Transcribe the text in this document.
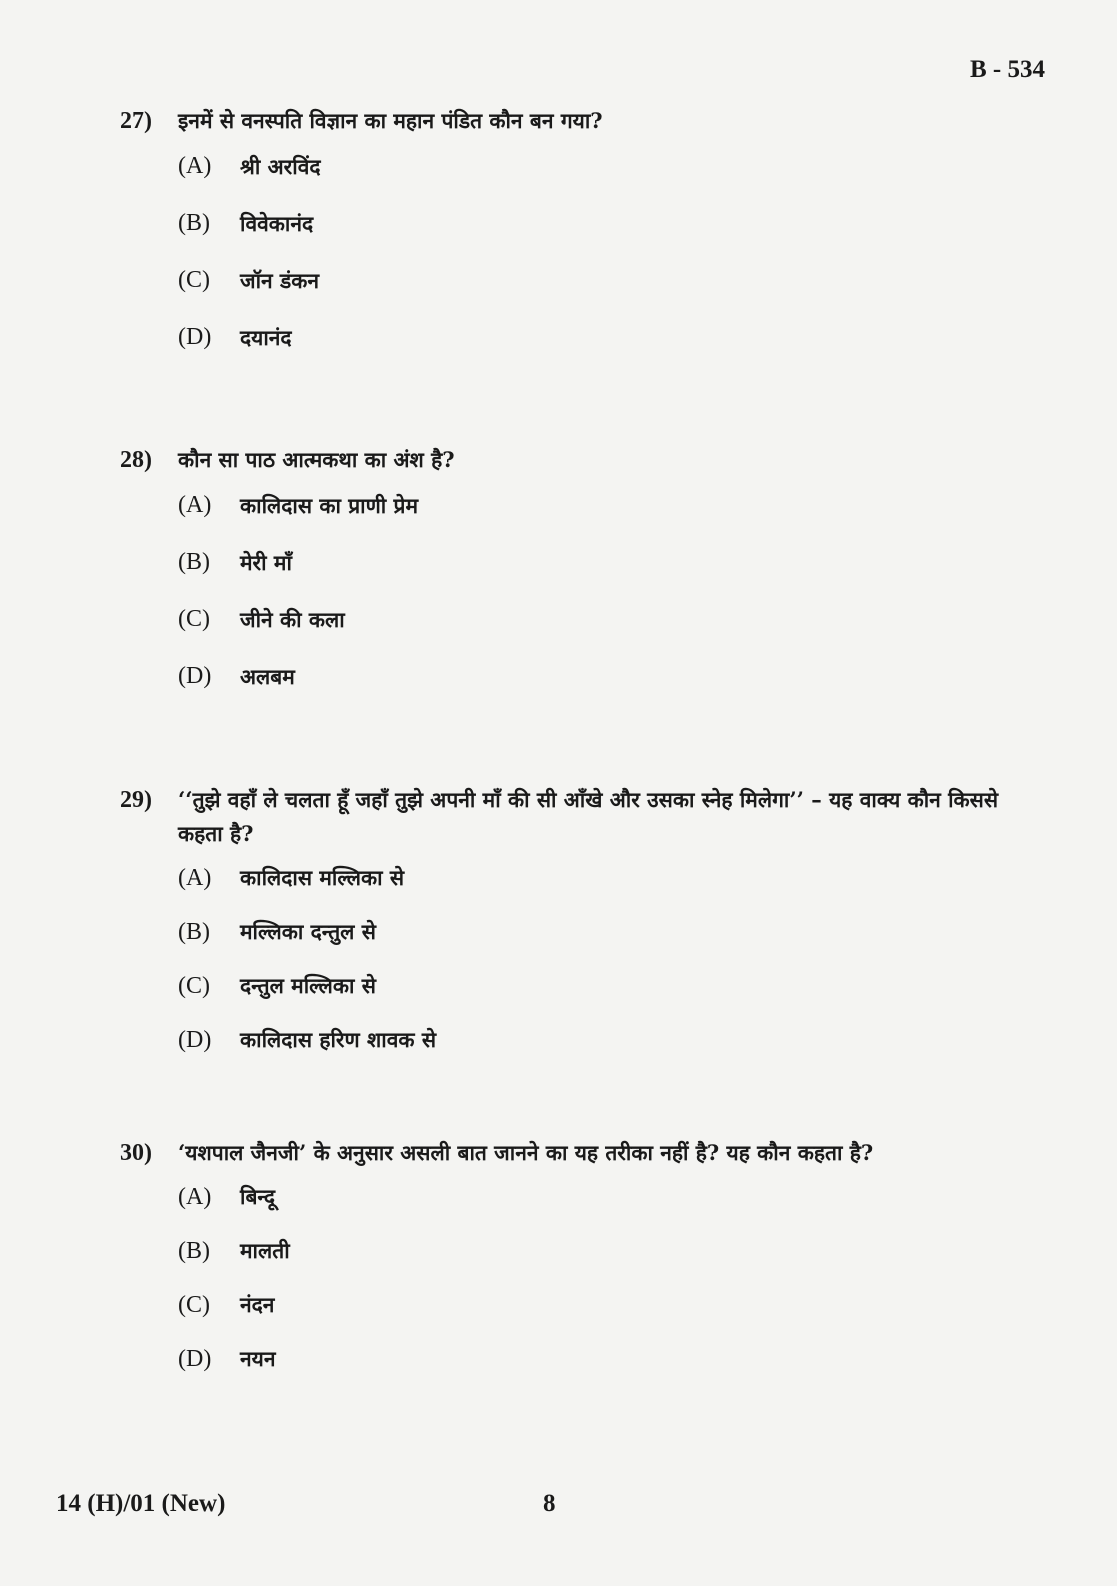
B - 534
27)	इनमें से वनस्पति विज्ञान का महान पंडित कौन बन गया?
(A)	श्री अरविंद
(B)	विवेकानंद
(C)	जॉन डंकन
(D)	दयानंद
28)	कौन सा पाठ आत्मकथा का अंश है?
(A)	कालिदास का प्राणी प्रेम
(B)	मेरी माँ
(C)	जीने की कला
(D)	अलबम
29)	‘‘तुझे वहाँ ले चलता हूँ जहाँ तुझे अपनी माँ की सी आँखे और उसका स्नेह मिलेगा’’ – यह वाक्य कौन किससे कहता है?
(A)	कालिदास मल्लिका से
(B)	मल्लिका दन्तुल से
(C)	दन्तुल मल्लिका से
(D)	कालिदास हरिण शावक से
30)	‘यशपाल जैनजी’ के अनुसार असली बात जानने का यह तरीका नहीं है? यह कौन कहता है?
(A)	बिन्दू
(B)	मालती
(C)	नंदन
(D)	नयन
14 (H)/01 (New)	8
